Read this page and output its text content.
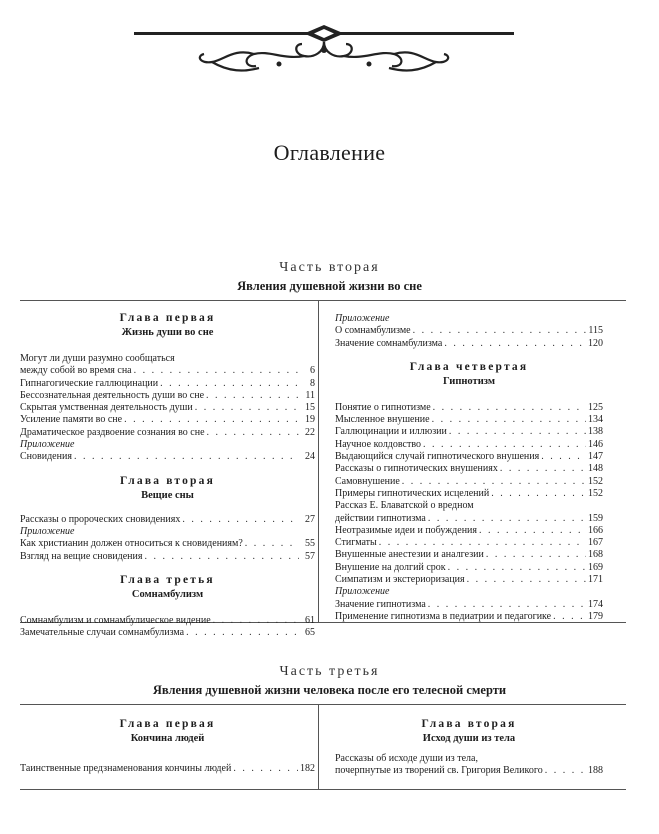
Оглавление
Часть вторая
Явления душевной жизни во сне
Глава первая
Жизнь души во сне
Могут ли души разумно сообщаться
между собой во время сна . . .	6
Гипнагогические галлюцинации . . .	8
Бессознательная деятельность души во сне . . .	11
Скрытая умственная деятельность души . . .	15
Усиление памяти во сне . . .	19
Драматическое раздвоение сознания во сне . . .	22
Приложение
Сновидения . . .	24
Глава вторая
Вещие сны
Рассказы о пророческих сновидениях . . .	27
Приложение
Как христианин должен относиться к сновидениям? . . .	55
Взгляд на вещие сновидения . . .	57
Глава третья
Сомнамбулизм
Сомнамбулизм и сомнамбулическое видение . . .	61
Замечательные случаи сомнамбулизма . . .	65
Приложение
О сомнамбулизме . . .	115
Значение сомнамбулизма . . .	120
Глава четвертая
Гипнотизм
Понятие о гипнотизме . . .	125
Мысленное внушение . . .	134
Галлюцинации и иллюзии . . .	138
Научное колдовство . . .	146
Выдающийся случай гипнотического внушения . . .	147
Рассказы о гипнотических внушениях . . .	148
Самовнушение . . .	152
Примеры гипнотических исцелений . . .	152
Рассказ Е. Блаватской о вредном
действии гипнотизма . . .	159
Неотразимые идеи и побуждения . . .	166
Стигматы . . .	167
Внушенные анестезии и аналгезии . . .	168
Внушение на долгий срок . . .	169
Симпатизм и экстериоризация . . .	171
Приложение
Значение гипнотизма . . .	174
Применение гипнотизма в педиатрии и педагогике . . .	179
Часть третья
Явления душевной жизни человека после его телесной смерти
Глава первая
Кончина людей
Таинственные предзнаменования кончины людей . . .	182
Глава вторая
Исход души из тела
Рассказы об исходе души из тела,
почерпнутые из творений св. Григория Великого . . .	188
